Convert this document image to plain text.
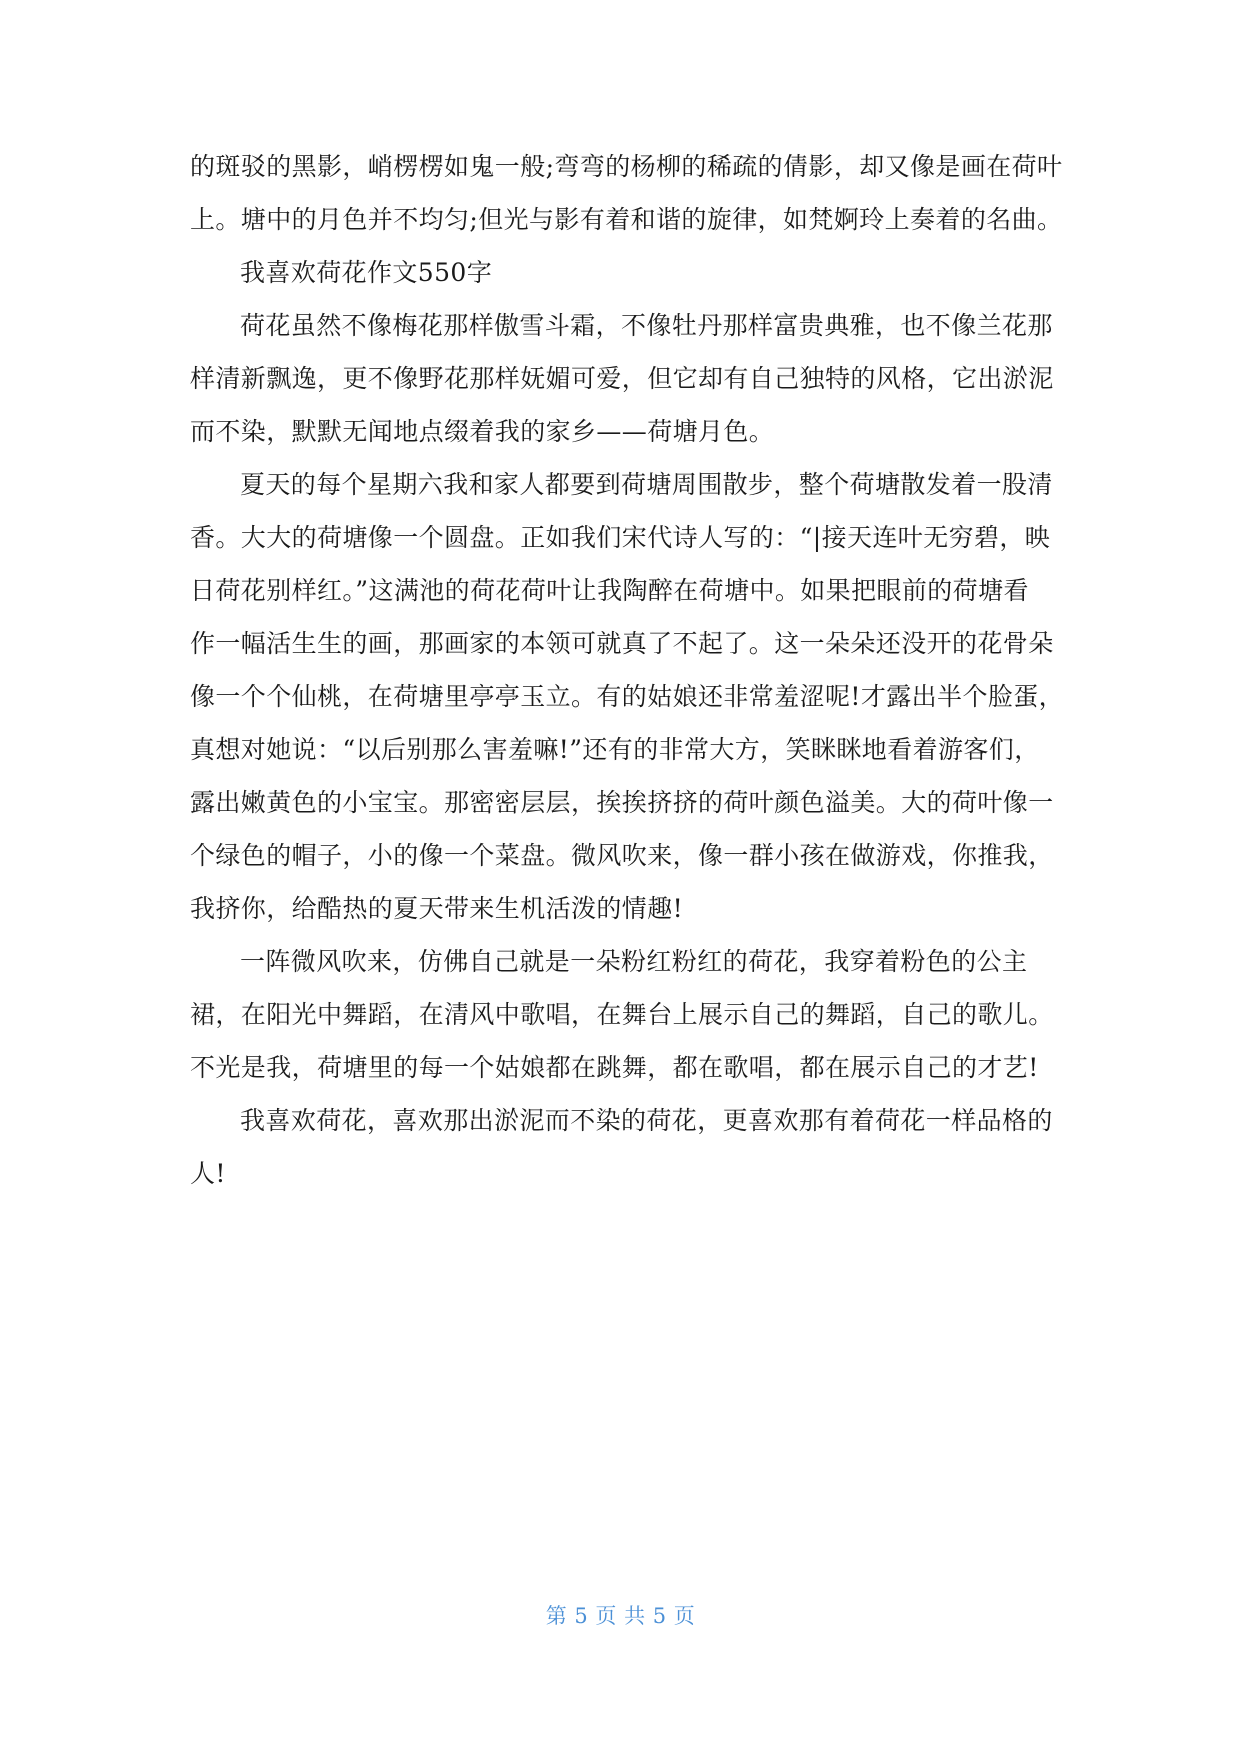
的斑驳的黑影，峭楞楞如鬼一般;弯弯的杨柳的稀疏的倩影，却又像是画在荷叶
上。塘中的月色并不均匀;但光与影有着和谐的旋律，如梵婀玲上奏着的名曲。
我喜欢荷花作文550字
荷花虽然不像梅花那样傲雪斗霜，不像牡丹那样富贵典雅，也不像兰花那
样清新飘逸，更不像野花那样妩媚可爱，但它却有自己独特的风格，它出淤泥
而不染，默默无闻地点缀着我的家乡——荷塘月色。
夏天的每个星期六我和家人都要到荷塘周围散步，整个荷塘散发着一股清
香。大大的荷塘像一个圆盘。正如我们宋代诗人写的：“|接天连叶无穷碧，映
日荷花别样红。”这满池的荷花荷叶让我陶醉在荷塘中。如果把眼前的荷塘看
作一幅活生生的画，那画家的本领可就真了不起了。这一朵朵还没开的花骨朵
像一个个仙桃，在荷塘里亭亭玉立。有的姑娘还非常羞涩呢!才露出半个脸蛋，
真想对她说：“以后别那么害羞嘛!”还有的非常大方，笑眯眯地看着游客们，
露出嫩黄色的小宝宝。那密密层层，挨挨挤挤的荷叶颜色溢美。大的荷叶像一
个绿色的帽子，小的像一个菜盘。微风吹来，像一群小孩在做游戏，你推我，
我挤你，给酷热的夏天带来生机活泼的情趣!
一阵微风吹来，仿佛自己就是一朵粉红粉红的荷花，我穿着粉色的公主
裙，在阳光中舞蹈，在清风中歌唱，在舞台上展示自己的舞蹈，自己的歌儿。
不光是我，荷塘里的每一个姑娘都在跳舞，都在歌唱，都在展示自己的才艺!
我喜欢荷花，喜欢那出淤泥而不染的荷花，更喜欢那有着荷花一样品格的
人!
第 5 页 共 5 页
